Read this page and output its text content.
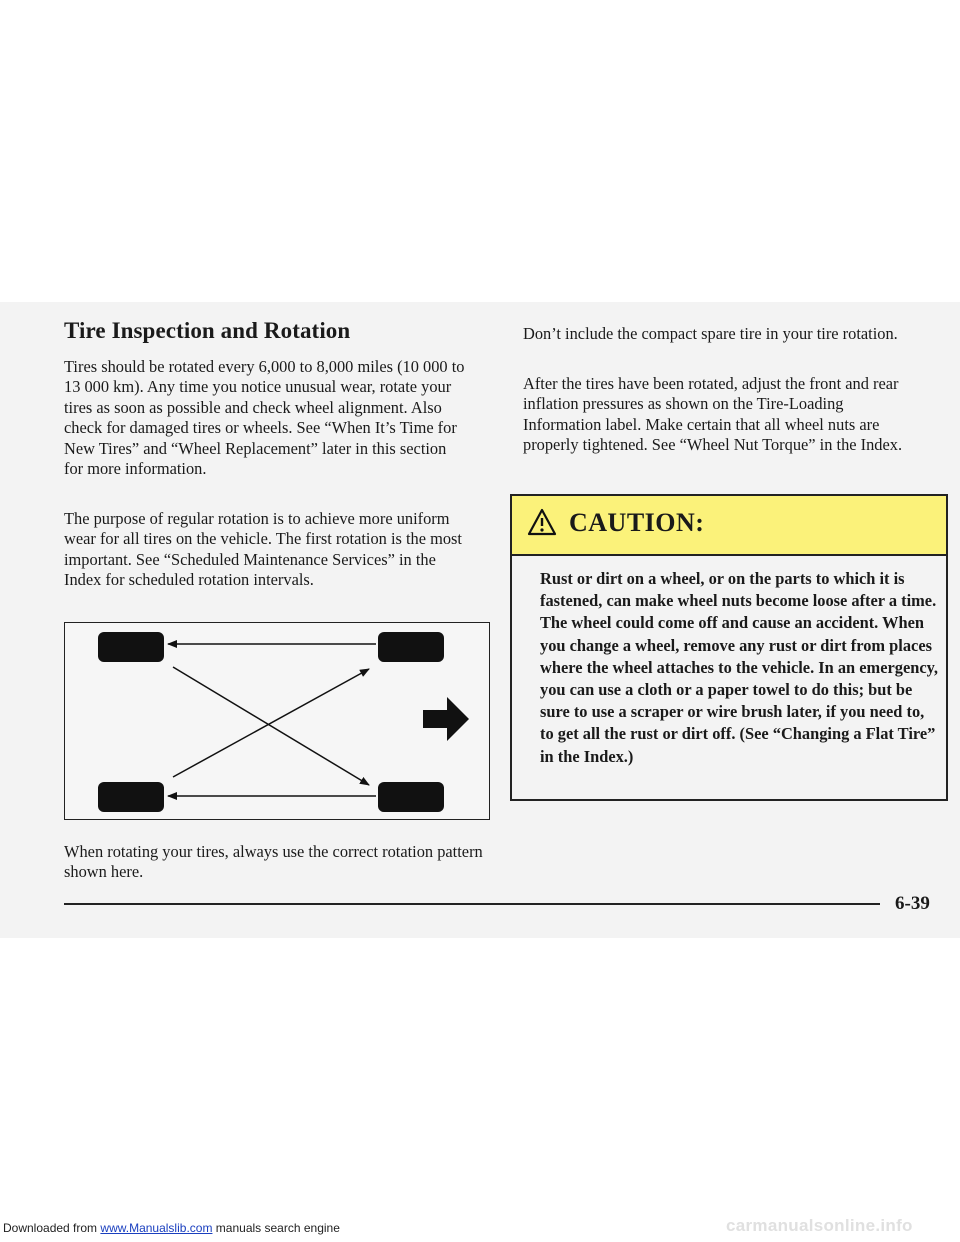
Tire Inspection and Rotation

Tires should be rotated every 6,000 to 8,000 miles (10 000 to 13 000 km). Any time you notice unusual wear, rotate your tires as soon as possible and check wheel alignment. Also check for damaged tires or wheels. See “When It’s Time for New Tires” and “Wheel Replacement” later in this section for more information.

The purpose of regular rotation is to achieve more uniform wear for all tires on the vehicle. The first rotation is the most important. See “Scheduled Maintenance Services” in the Index for scheduled rotation intervals.

When rotating your tires, always use the correct rotation pattern shown here.

Don’t include the compact spare tire in your tire rotation.

After the tires have been rotated, adjust the front and rear inflation pressures as shown on the Tire-Loading Information label. Make certain that all wheel nuts are properly tightened. See “Wheel Nut Torque” in the Index.

CAUTION:

Rust or dirt on a wheel, or on the parts to which it is fastened, can make wheel nuts become loose after a time. The wheel could come off and cause an accident. When you change a wheel, remove any rust or dirt from places where the wheel attaches to the vehicle. In an emergency, you can use a cloth or a paper towel to do this; but be sure to use a scraper or wire brush later, if you need to, to get all the rust or dirt off. (See “Changing a Flat Tire” in the Index.)

6-39
Downloaded from www.Manualslib.com manuals search engine	carmanualsonline.info
